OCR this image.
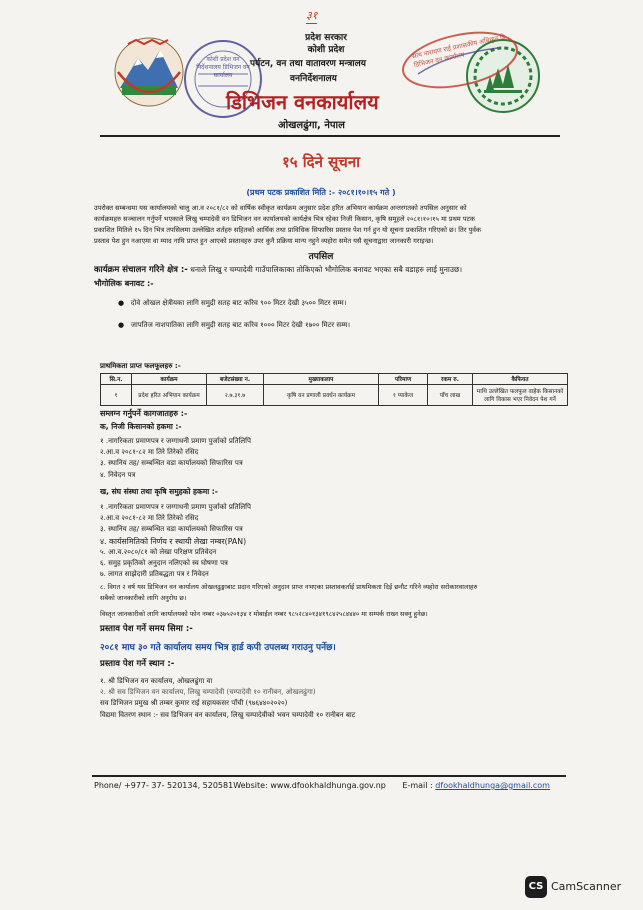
३१
कोशी प्रदेश वन निर्देशनालय डिभिजन वन कार्यालय
सत्य नारायण राई प्रशासकीय अधिकृत डि. डिभिजन वन कार्यालय
प्रदेश सरकार
कोशी प्रदेश
पर्यटन, वन तथा वातावरण मन्त्रालय
वननिर्देशनालय
डिभिजन वनकार्यालय
ओखलढुंगा, नेपाल
१५ दिने सूचना
(प्रथम पटक प्रकाशित मिति :- २०८१।१०।१५ गते )
उपरोक्त सम्बन्धमा यस कार्यालयको चालु आ.व २०८१/८२ को वार्षिक स्वीकृत कार्यक्रम अनुसार प्रदेश हरित अभियान कार्यक्रम अन्तरगतको तपसिल अनुसार को
कार्यक्रमहरु सञ्चालन गर्नुपर्ने भएकाले लिखु चम्पादेवी वन डिभिजन वन कार्यालयको कार्यक्षेत्र भित्र रहेका निजी किसान, कृषि समूहले २०८१।१०।१५ मा प्रथम पटक
प्रकाशित मितिले १५ दिन भित्र तपसिलमा उल्लेखित शर्तहरु सहितको आर्थिक तथा प्राविधिक सिफारिस प्रस्ताव पेश गर्न हुन यो सूचना प्रकाशित गरिएको छ। तिर पुर्वक
प्रस्ताव पेश हुन नआएमा वा म्याद नाघि प्राप्त हुन आएको प्रस्तावहरु उपर कुनै प्रक्रिया मान्य नहुने व्यहोरा समेत यसै सूचनाद्वारा जानकारी गराइन्छ।
तपसिल
कार्यक्रम संचालन गरिने क्षेत्र :- धनाले लिखु र चम्पादेवी गाउँपालिकाका तोकिएको भौगोलिक बनावट भएका सबै वडाहरु लाई मुनाउछ।
भौगोलिक बनावट :-
● दोवे ओखल क्षेत्रीयका लागि समुद्री सतह बाट करिव ९०० मिटर देखी ३५०० मिटर सम्म।
● जापतिज नाशपातिका लागि समुद्री सतह बाट करिव १००० मिटर देखी १७०० मिटर सम्म।
प्राथमिकता प्राप्त फलफूलहरु :-
सि.न.	कार्यक्रम	बजेटसंख्या न.	मुख्याकलाप	परिमाण	रकम रु.	कैफियत
१	प्रदेश हरित अभियान कार्यक्रम	२.७.३१.७	कृषि वन प्रणाली प्रवर्धन कार्यक्रम	१ प्याकेज	पाँच लाख	माथि उल्लेखित फलफुल वाहेक किसानको लागि विकास भएर निवेदन पेश गर्ने
सम्लग्न गर्नुपर्ने कागजातहरु :-
क, निजी किसानको हकमा :-
१ .नागरिकता प्रमाणपत्र र जग्गाधनी प्रमाण पुर्जाको प्रतिलिपि
२.आ.व २०८१-८२ मा तिरे तिरेको रसिद
३. स्थानिय तह/ सम्बन्धित वडा कार्यालयको सिफारिस पत्र
४. निवेदन पत्र
ख, संघ संस्था तथा कृषि समुहको हकमा :-
१ .नागरिकता प्रमाणपत्र र जग्गाधनी प्रमाण पुर्जाको प्रतिलिपि
२.आ.व २०८१-८२ मा तिरे तिरेको रसिद
३. स्थानिय तह/ सम्बन्धित वडा कार्यालयको सिफारिस पत्र
४. कार्यसमितिको निर्णय र स्थायी लेखा नम्बर(PAN)
५. आ.व.२०८०/८१ को लेखा परिक्षण प्रतिवेदन
६. समुह प्रकृतिको अनुदान नलिएको स्व घोषणा पत्र
७. लागत साझेदारी प्रतिबद्धता पत्र र निवेदन
८. विगत २ वर्ष यस डिभिजन वन कार्यालय ओखलढुङ्गाबाट प्रदान गरिएको अनुदान प्राप्त नभएका प्रस्तावकर्ताई प्राथमिकता दिई छनौट गरिने व्यहोरा सरोकारवालाहरु
सबैको जानकारीको लागि अनुरोध छ।
विस्तृत जानकारीको लागि कार्यालयको फोन नम्बर ०३७५२०१३४ र मोबाईल नम्बर ९८५२८४०१३४१९८४२५८४४४० मा सम्पर्क राख्न सक्नु हुनेछ।
प्रस्ताव पेश गर्ने समय सिमा :-
२०८१ माघ ३० गते कार्यालय समय भित्र हार्ड कपी उपलब्ध गराउनु पर्नेछ।
प्रस्ताव पेश गर्ने स्थान :-
१. श्री डिभिजन वन कार्यालय, ओखलढुंगा वा
२. श्री सव डिभिजन वन कार्यालय, लिखु चम्पादेवी (चम्पादेवी १० रानीबन, ओखलढुंगा)
सव डिभिजन प्रमुख श्री तम्बर कुमार राई सहायकसर पाँची (९७६४४०२०२०)
विद्यमा वितरण स्थान :- सव डिभिजन वन कार्यालय, लिखु चम्पादेवीको भवन चम्पादेवी १० रानीबन बाट
Phone/ +977- 37- 520134, 520581Website: www.dfookhaldhunga.gov.np E-mail : dfookhaldhunga@gmail.com
CS CamScanner
